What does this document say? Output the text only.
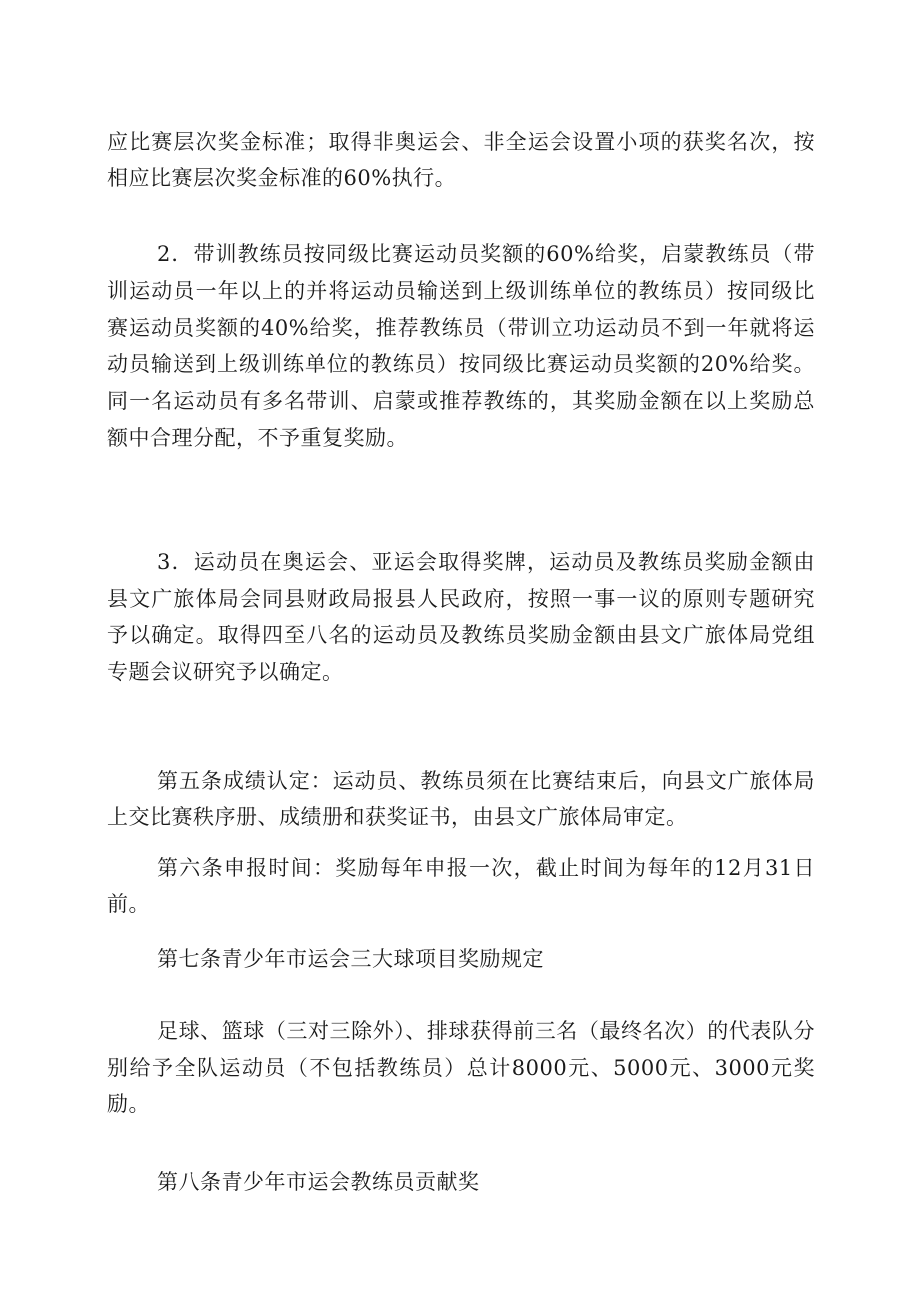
应比赛层次奖金标准；取得非奥运会、非全运会设置小项的获奖名次，按相应比赛层次奖金标准的60%执行。

2．带训教练员按同级比赛运动员奖额的60%给奖，启蒙教练员（带训运动员一年以上的并将运动员输送到上级训练单位的教练员）按同级比赛运动员奖额的40%给奖，推荐教练员（带训立功运动员不到一年就将运动员输送到上级训练单位的教练员）按同级比赛运动员奖额的20%给奖。同一名运动员有多名带训、启蒙或推荐教练的，其奖励金额在以上奖励总额中合理分配，不予重复奖励。

3．运动员在奥运会、亚运会取得奖牌，运动员及教练员奖励金额由县文广旅体局会同县财政局报县人民政府，按照一事一议的原则专题研究予以确定。取得四至八名的运动员及教练员奖励金额由县文广旅体局党组专题会议研究予以确定。

第五条成绩认定：运动员、教练员须在比赛结束后，向县文广旅体局上交比赛秩序册、成绩册和获奖证书，由县文广旅体局审定。

第六条申报时间：奖励每年申报一次，截止时间为每年的12月31日前。

第七条青少年市运会三大球项目奖励规定

足球、篮球（三对三除外）、排球获得前三名（最终名次）的代表队分别给予全队运动员（不包括教练员）总计8000元、5000元、3000元奖励。

第八条青少年市运会教练员贡献奖
